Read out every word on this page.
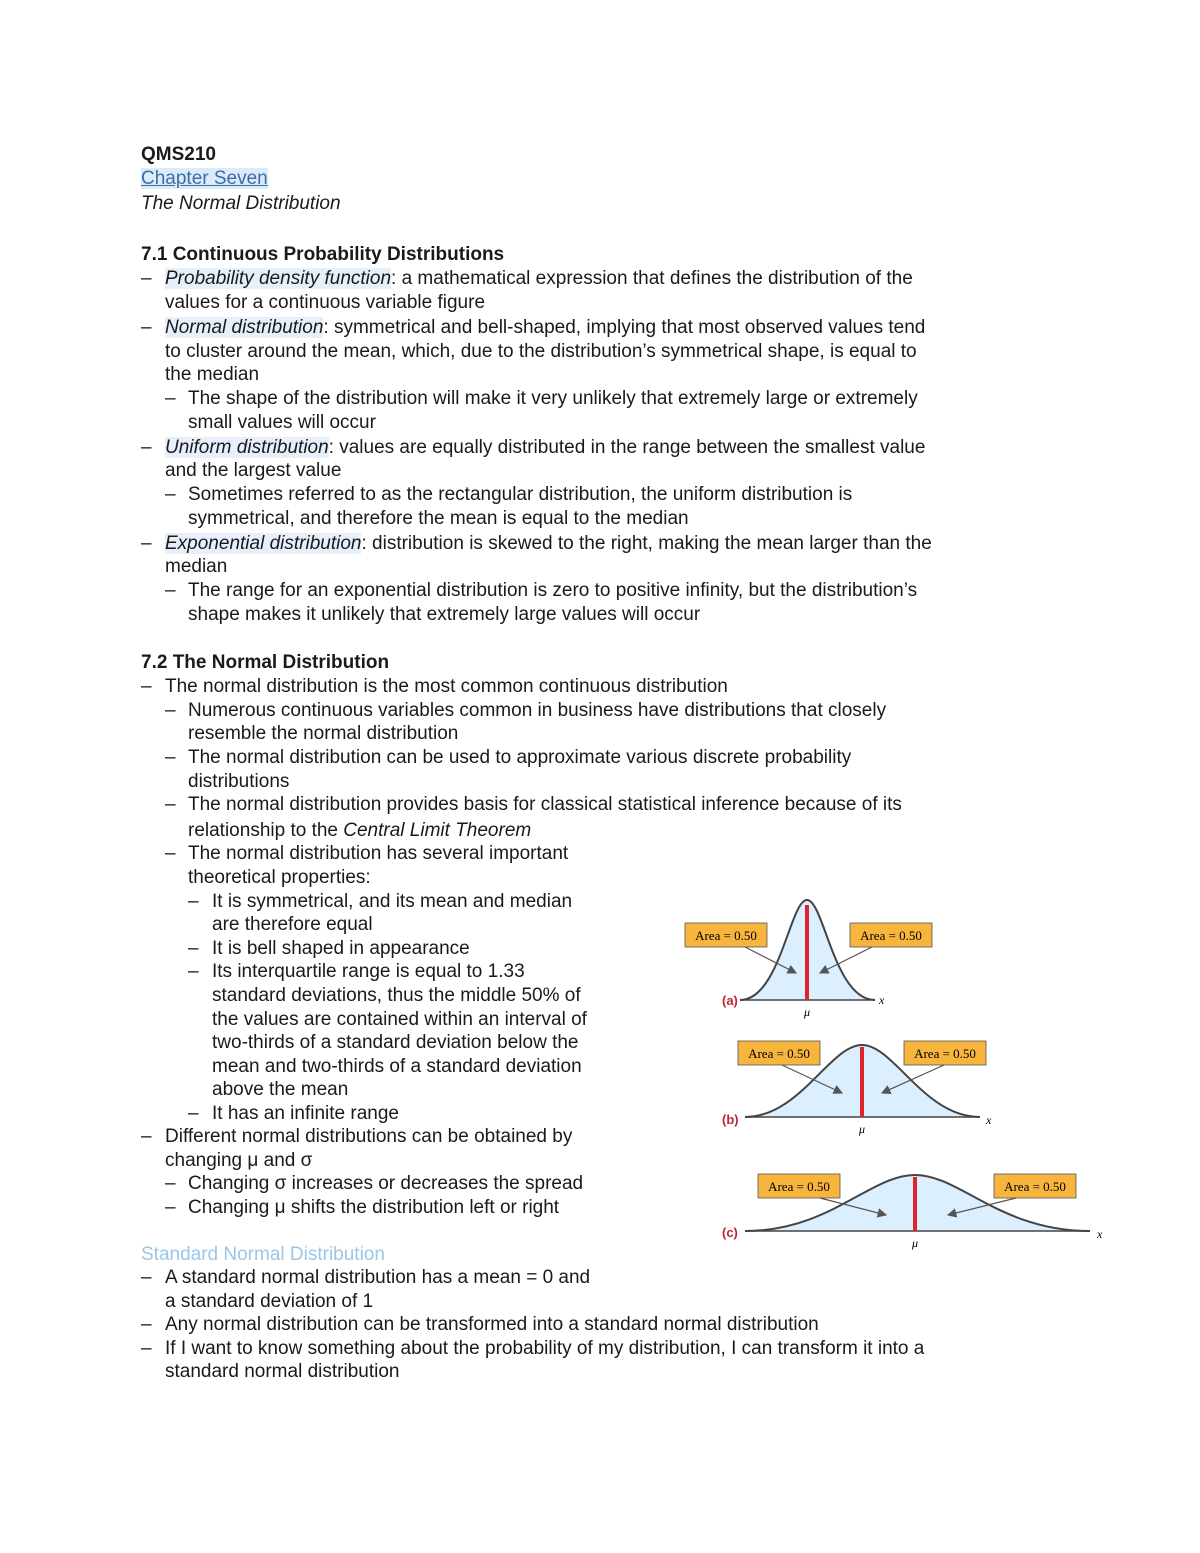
QMS210
Chapter Seven
The Normal Distribution
7.1 Continuous Probability Distributions
– Probability density function: a mathematical expression that defines the distribution of the
values for a continuous variable figure
– Normal distribution: symmetrical and bell-shaped, implying that most observed values tend
to cluster around the mean, which, due to the distribution’s symmetrical shape, is equal to
the median
– The shape of the distribution will make it very unlikely that extremely large or extremely
small values will occur
– Uniform distribution: values are equally distributed in the range between the smallest value
and the largest value
– Sometimes referred to as the rectangular distribution, the uniform distribution is
symmetrical, and therefore the mean is equal to the median
– Exponential distribution: distribution is skewed to the right, making the mean larger than the
median
– The range for an exponential distribution is zero to positive infinity, but the distribution’s
shape makes it unlikely that extremely large values will occur
7.2 The Normal Distribution
– The normal distribution is the most common continuous distribution
– Numerous continuous variables common in business have distributions that closely
resemble the normal distribution
– The normal distribution can be used to approximate various discrete probability
distributions
– The normal distribution provides basis for classical statistical inference because of its
relationship to the Central Limit Theorem
– The normal distribution has several important
theoretical properties:
– It is symmetrical, and its mean and median
are therefore equal
– It is bell shaped in appearance
– Its interquartile range is equal to 1.33
standard deviations, thus the middle 50% of
the values are contained within an interval of
two-thirds of a standard deviation below the
mean and two-thirds of a standard deviation
above the mean
– It has an infinite range
– Different normal distributions can be obtained by
changing μ and σ
– Changing σ increases or decreases the spread
– Changing μ shifts the distribution left or right
Standard Normal Distribution
– A standard normal distribution has a mean = 0 and
a standard deviation of 1
– Any normal distribution can be transformed into a standard normal distribution
– If I want to know something about the probability of my distribution, I can transform it into a
standard normal distribution
Area = 0.50	Area = 0.50
(a)
μ
x
Area = 0.50	Area = 0.50
(b)
μ
x
Area = 0.50	Area = 0.50
(c)
μ
x
